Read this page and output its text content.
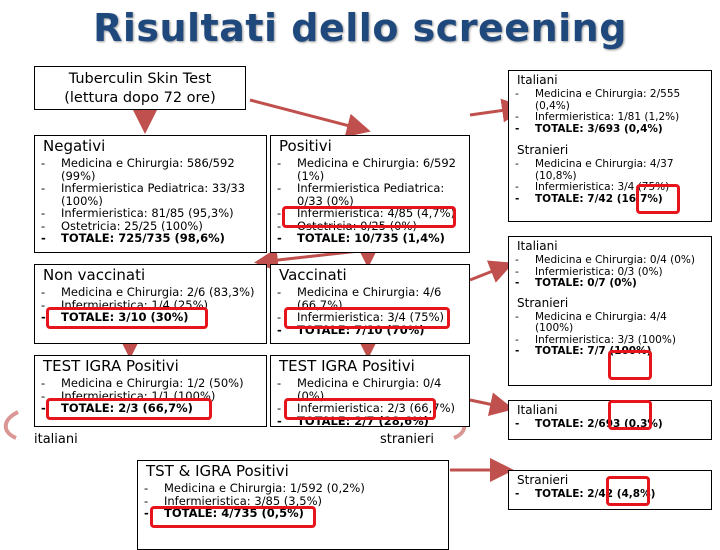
Risultati dello screening
Tuberculin Skin Test
(lettura dopo 72 ore)
Negativi
- Medicina e Chirurgia: 586/592 (99%)
- Infermieristica Pediatrica: 33/33 (100%)
- Infermieristica: 81/85 (95,3%)
- Ostetricia: 25/25 (100%)
- TOTALE: 725/735 (98,6%)
Positivi
- Medicina e Chirurgia: 6/592 (1%)
- Infermieristica Pediatrica: 0/33 (0%)
- Infermieristica: 4/85 (4,7%)
- Ostetricia: 0/25 (0%)
- TOTALE: 10/735 (1,4%)
Non vaccinati
- Medicina e Chirurgia: 2/6 (83,3%)
- Infermieristica: 1/4 (25%)
- TOTALE: 3/10 (30%)
Vaccinati
- Medicina e Chirurgia: 4/6 (66,7%)
- Infermieristica: 3/4 (75%)
- TOTALE: 7/10 (70%)
TEST IGRA Positivi
- Medicina e Chirurgia: 1/2 (50%)
- Infermieristica: 1/1 (100%)
- TOTALE: 2/3 (66,7%)
TEST IGRA Positivi
- Medicina e Chirurgia: 0/4 (0%)
- Infermieristica: 2/3 (66,7%)
- TOTALE: 2/7 (28,6%)
italiani	stranieri
TST & IGRA Positivi
- Medicina e Chirurgia: 1/592 (0,2%)
- Infermieristica: 3/85 (3,5%)
- TOTALE: 4/735 (0,5%)
Italiani
- Medicina e Chirurgia: 2/555 (0,4%)
- Infermieristica: 1/81 (1,2%)
- TOTALE: 3/693 (0,4%)
Stranieri
- Medicina e Chirurgia: 4/37 (10,8%)
- Infermieristica: 3/4 (75%)
- TOTALE: 7/42 (16,7%)
Italiani
- Medicina e Chirurgia: 0/4 (0%)
- Infermieristica: 0/3 (0%)
- TOTALE: 0/7 (0%)
Stranieri
- Medicina e Chirurgia: 4/4 (100%)
- Infermieristica: 3/3 (100%)
- TOTALE: 7/7 (100%)
Italiani
- TOTALE: 2/693 (0,3%)
Stranieri
- TOTALE: 2/42 (4,8%)
